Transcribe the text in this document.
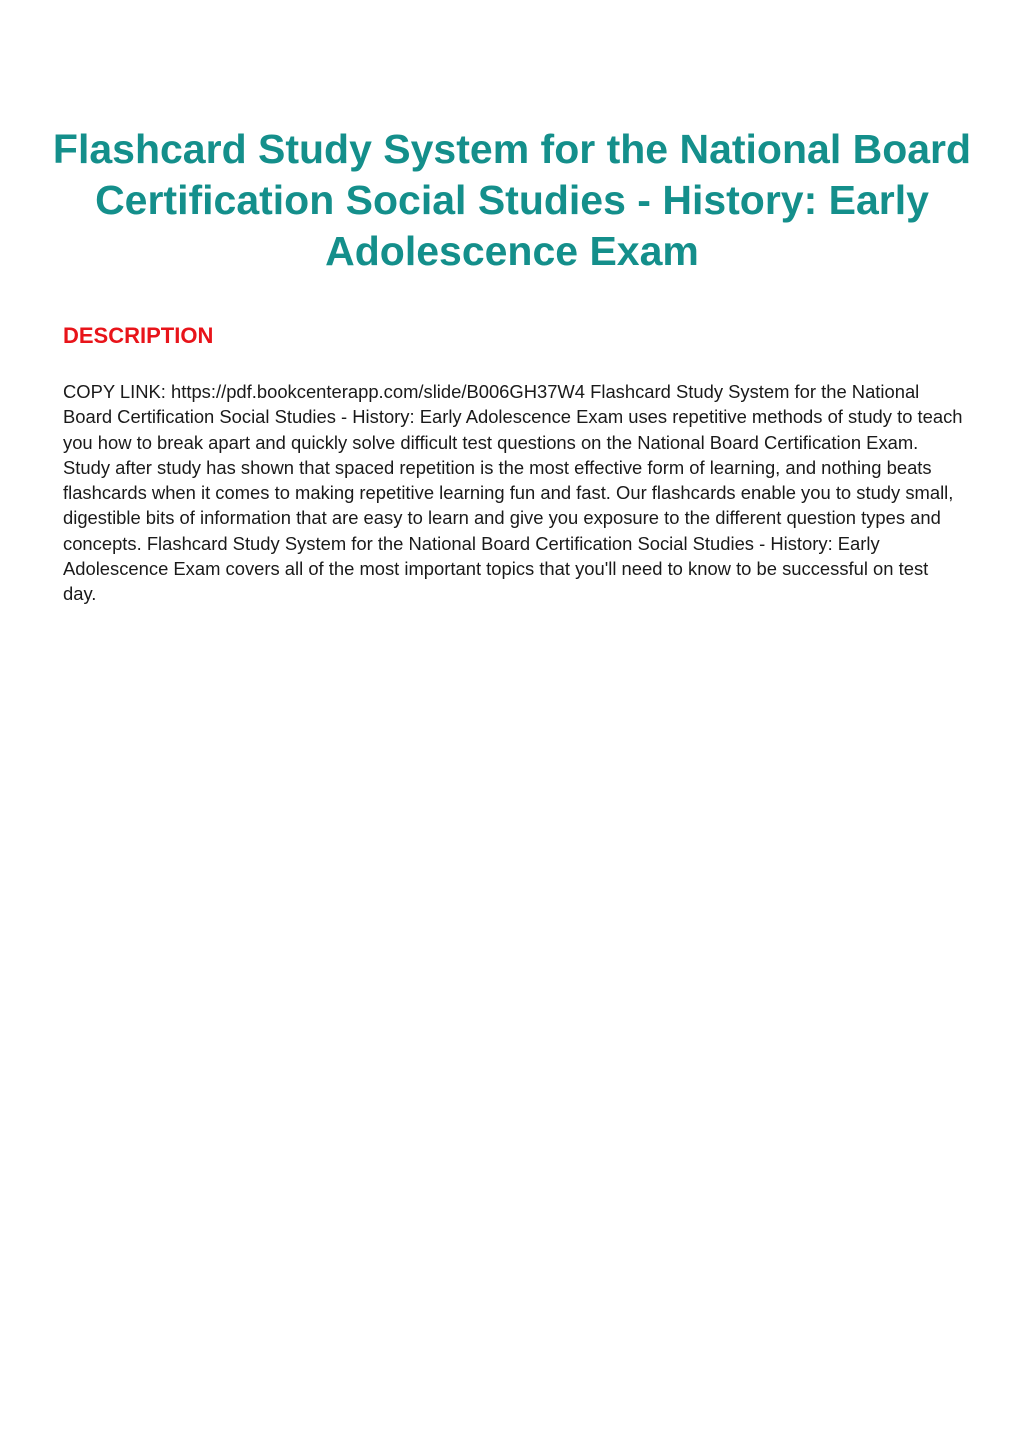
Flashcard Study System for the National Board Certification Social Studies - History: Early Adolescence Exam
DESCRIPTION

COPY LINK: https://pdf.bookcenterapp.com/slide/B006GH37W4 Flashcard Study System for the National Board Certification Social Studies - History: Early Adolescence Exam uses repetitive methods of study to teach you how to break apart and quickly solve difficult test questions on the National Board Certification Exam. Study after study has shown that spaced repetition is the most effective form of learning, and nothing beats flashcards when it comes to making repetitive learning fun and fast. Our flashcards enable you to study small, digestible bits of information that are easy to learn and give you exposure to the different question types and concepts. Flashcard Study System for the National Board Certification Social Studies - History: Early Adolescence Exam covers all of the most important topics that you'll need to know to be successful on test day.
